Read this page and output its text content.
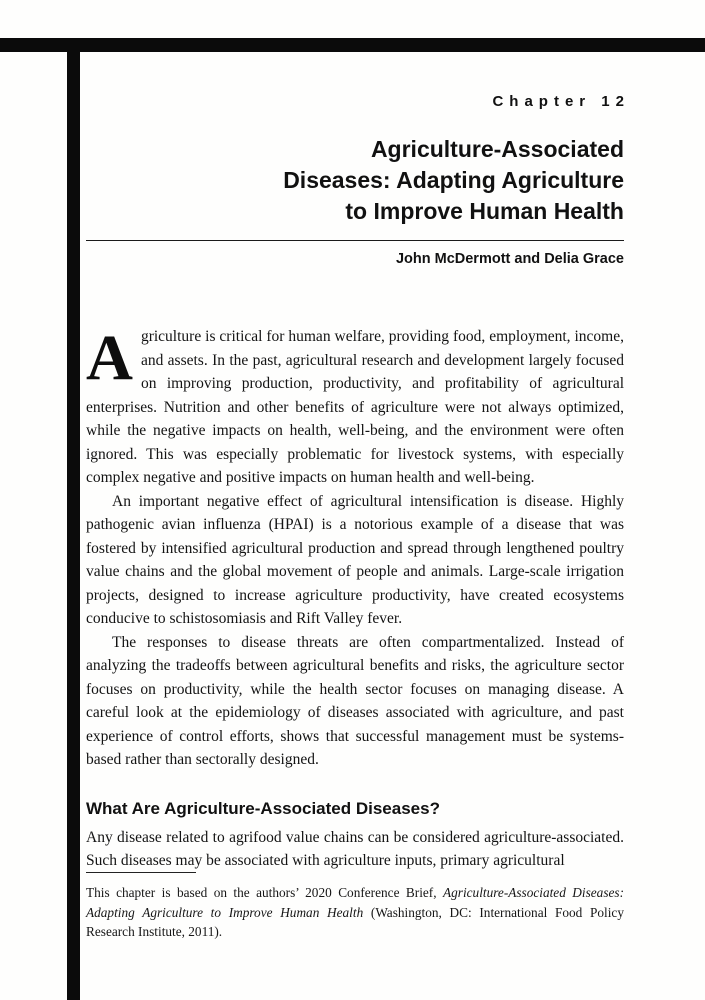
Chapter 12
Agriculture-Associated
Diseases: Adapting Agriculture
to Improve Human Health
John McDermott and Delia Grace

Agriculture is critical for human welfare, providing food, employment, income, and assets. In the past, agricultural research and development largely focused on improving production, productivity, and profitability of agricultural enterprises. Nutrition and other benefits of agriculture were not always optimized, while the negative impacts on health, well-being, and the environment were often ignored. This was especially problematic for livestock systems, with especially complex negative and positive impacts on human health and well-being.

An important negative effect of agricultural intensification is disease. Highly pathogenic avian influenza (HPAI) is a notorious example of a disease that was fostered by intensified agricultural production and spread through lengthened poultry value chains and the global movement of people and animals. Large-scale irrigation projects, designed to increase agriculture productivity, have created ecosystems conducive to schistosomiasis and Rift Valley fever.

The responses to disease threats are often compartmentalized. Instead of analyzing the tradeoffs between agricultural benefits and risks, the agriculture sector focuses on productivity, while the health sector focuses on managing disease. A careful look at the epidemiology of diseases associated with agriculture, and past experience of control efforts, shows that successful management must be systems-based rather than sectorally designed.

What Are Agriculture-Associated Diseases?

Any disease related to agrifood value chains can be considered agriculture-associated. Such diseases may be associated with agriculture inputs, primary agricultural

This chapter is based on the authors’ 2020 Conference Brief, Agriculture-Associated Diseases: Adapting Agriculture to Improve Human Health (Washington, DC: International Food Policy Research Institute, 2011).
